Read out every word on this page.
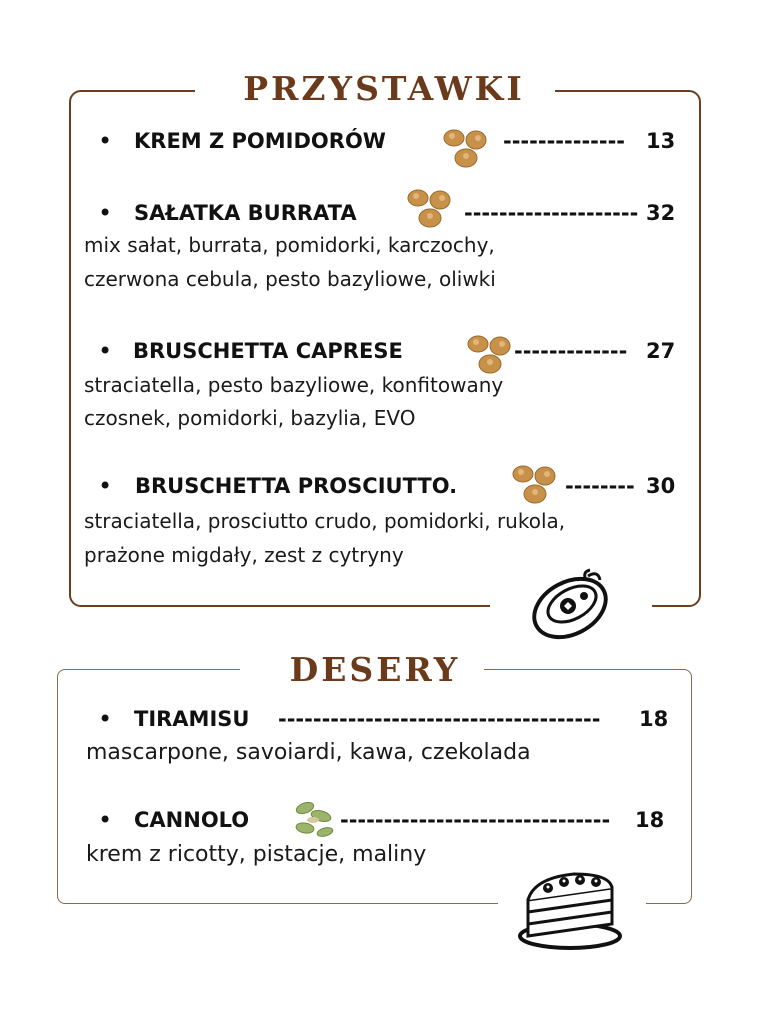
PRZYSTAWKI
• KREM Z POMIDORÓW	-------------- 13
• SAŁATKA BURRATA	-------------------- 32
mix sałat, burrata, pomidorki, karczochy,
czerwona cebula, pesto bazyliowe, oliwki
• BRUSCHETTA CAPRESE	------------- 27
straciatella, pesto bazyliowe, konfitowany
czosnek, pomidorki, bazylia, EVO
• BRUSCHETTA PROSCIUTTO.	-------- 30
straciatella, prosciutto crudo, pomidorki, rukola,
prażone migdały, zest z cytryny
DESERY
• TIRAMISU -------------------------------------	18
mascarpone, savoiardi, kawa, czekolada
• CANNOLO	-------------------------------	18
krem z ricotty, pistacje, maliny
